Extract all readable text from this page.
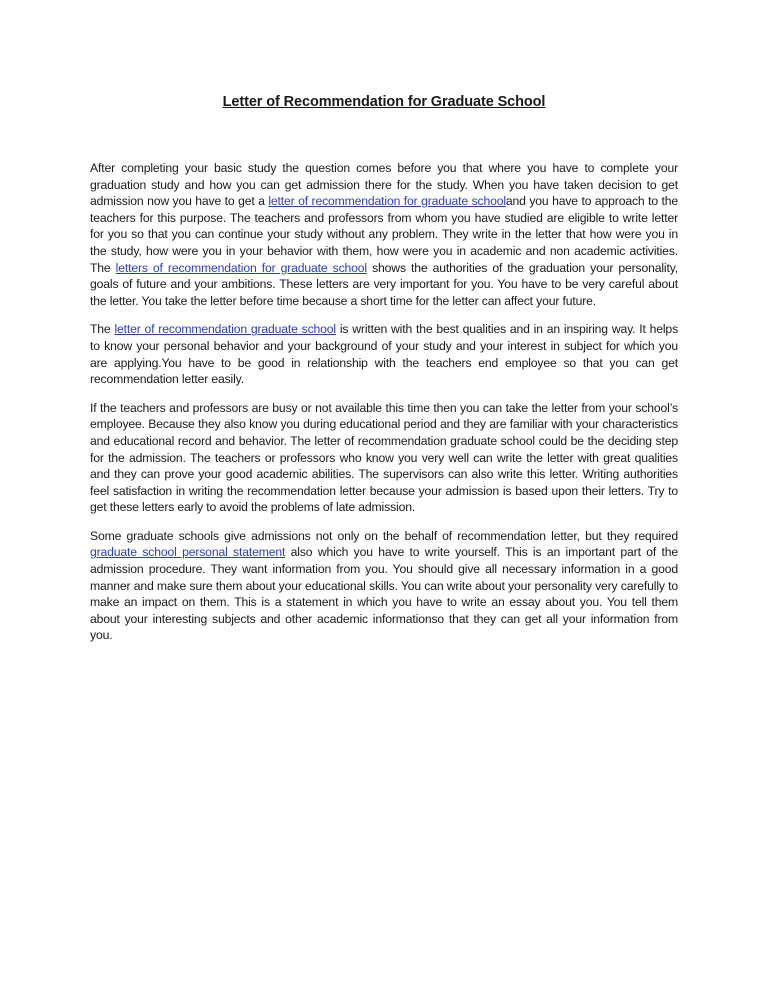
Letter of Recommendation for Graduate School

After completing your basic study the question comes before you that where you have to complete your graduation study and how you can get admission there for the study. When you have taken decision to get admission now you have to get a letter of recommendation for graduate schooland you have to approach to the teachers for this purpose. The teachers and professors from whom you have studied are eligible to write letter for you so that you can continue your study without any problem. They write in the letter that how were you in the study, how were you in your behavior with them, how were you in academic and non academic activities. The letters of recommendation for graduate school shows the authorities of the graduation your personality, goals of future and your ambitions. These letters are very important for you. You have to be very careful about the letter. You take the letter before time because a short time for the letter can affect your future.

The letter of recommendation graduate school is written with the best qualities and in an inspiring way. It helps to know your personal behavior and your background of your study and your interest in subject for which you are applying.You have to be good in relationship with the teachers end employee so that you can get recommendation letter easily.

If the teachers and professors are busy or not available this time then you can take the letter from your school’s employee. Because they also know you during educational period and they are familiar with your characteristics and educational record and behavior. The letter of recommendation graduate school could be the deciding step for the admission. The teachers or professors who know you very well can write the letter with great qualities and they can prove your good academic abilities. The supervisors can also write this letter. Writing authorities feel satisfaction in writing the recommendation letter because your admission is based upon their letters. Try to get these letters early to avoid the problems of late admission.

Some graduate schools give admissions not only on the behalf of recommendation letter, but they required graduate school personal statement also which you have to write yourself. This is an important part of the admission procedure. They want information from you. You should give all necessary information in a good manner and make sure them about your educational skills. You can write about your personality very carefully to make an impact on them. This is a statement in which you have to write an essay about you. You tell them about your interesting subjects and other academic informationso that they can get all your information from you.
